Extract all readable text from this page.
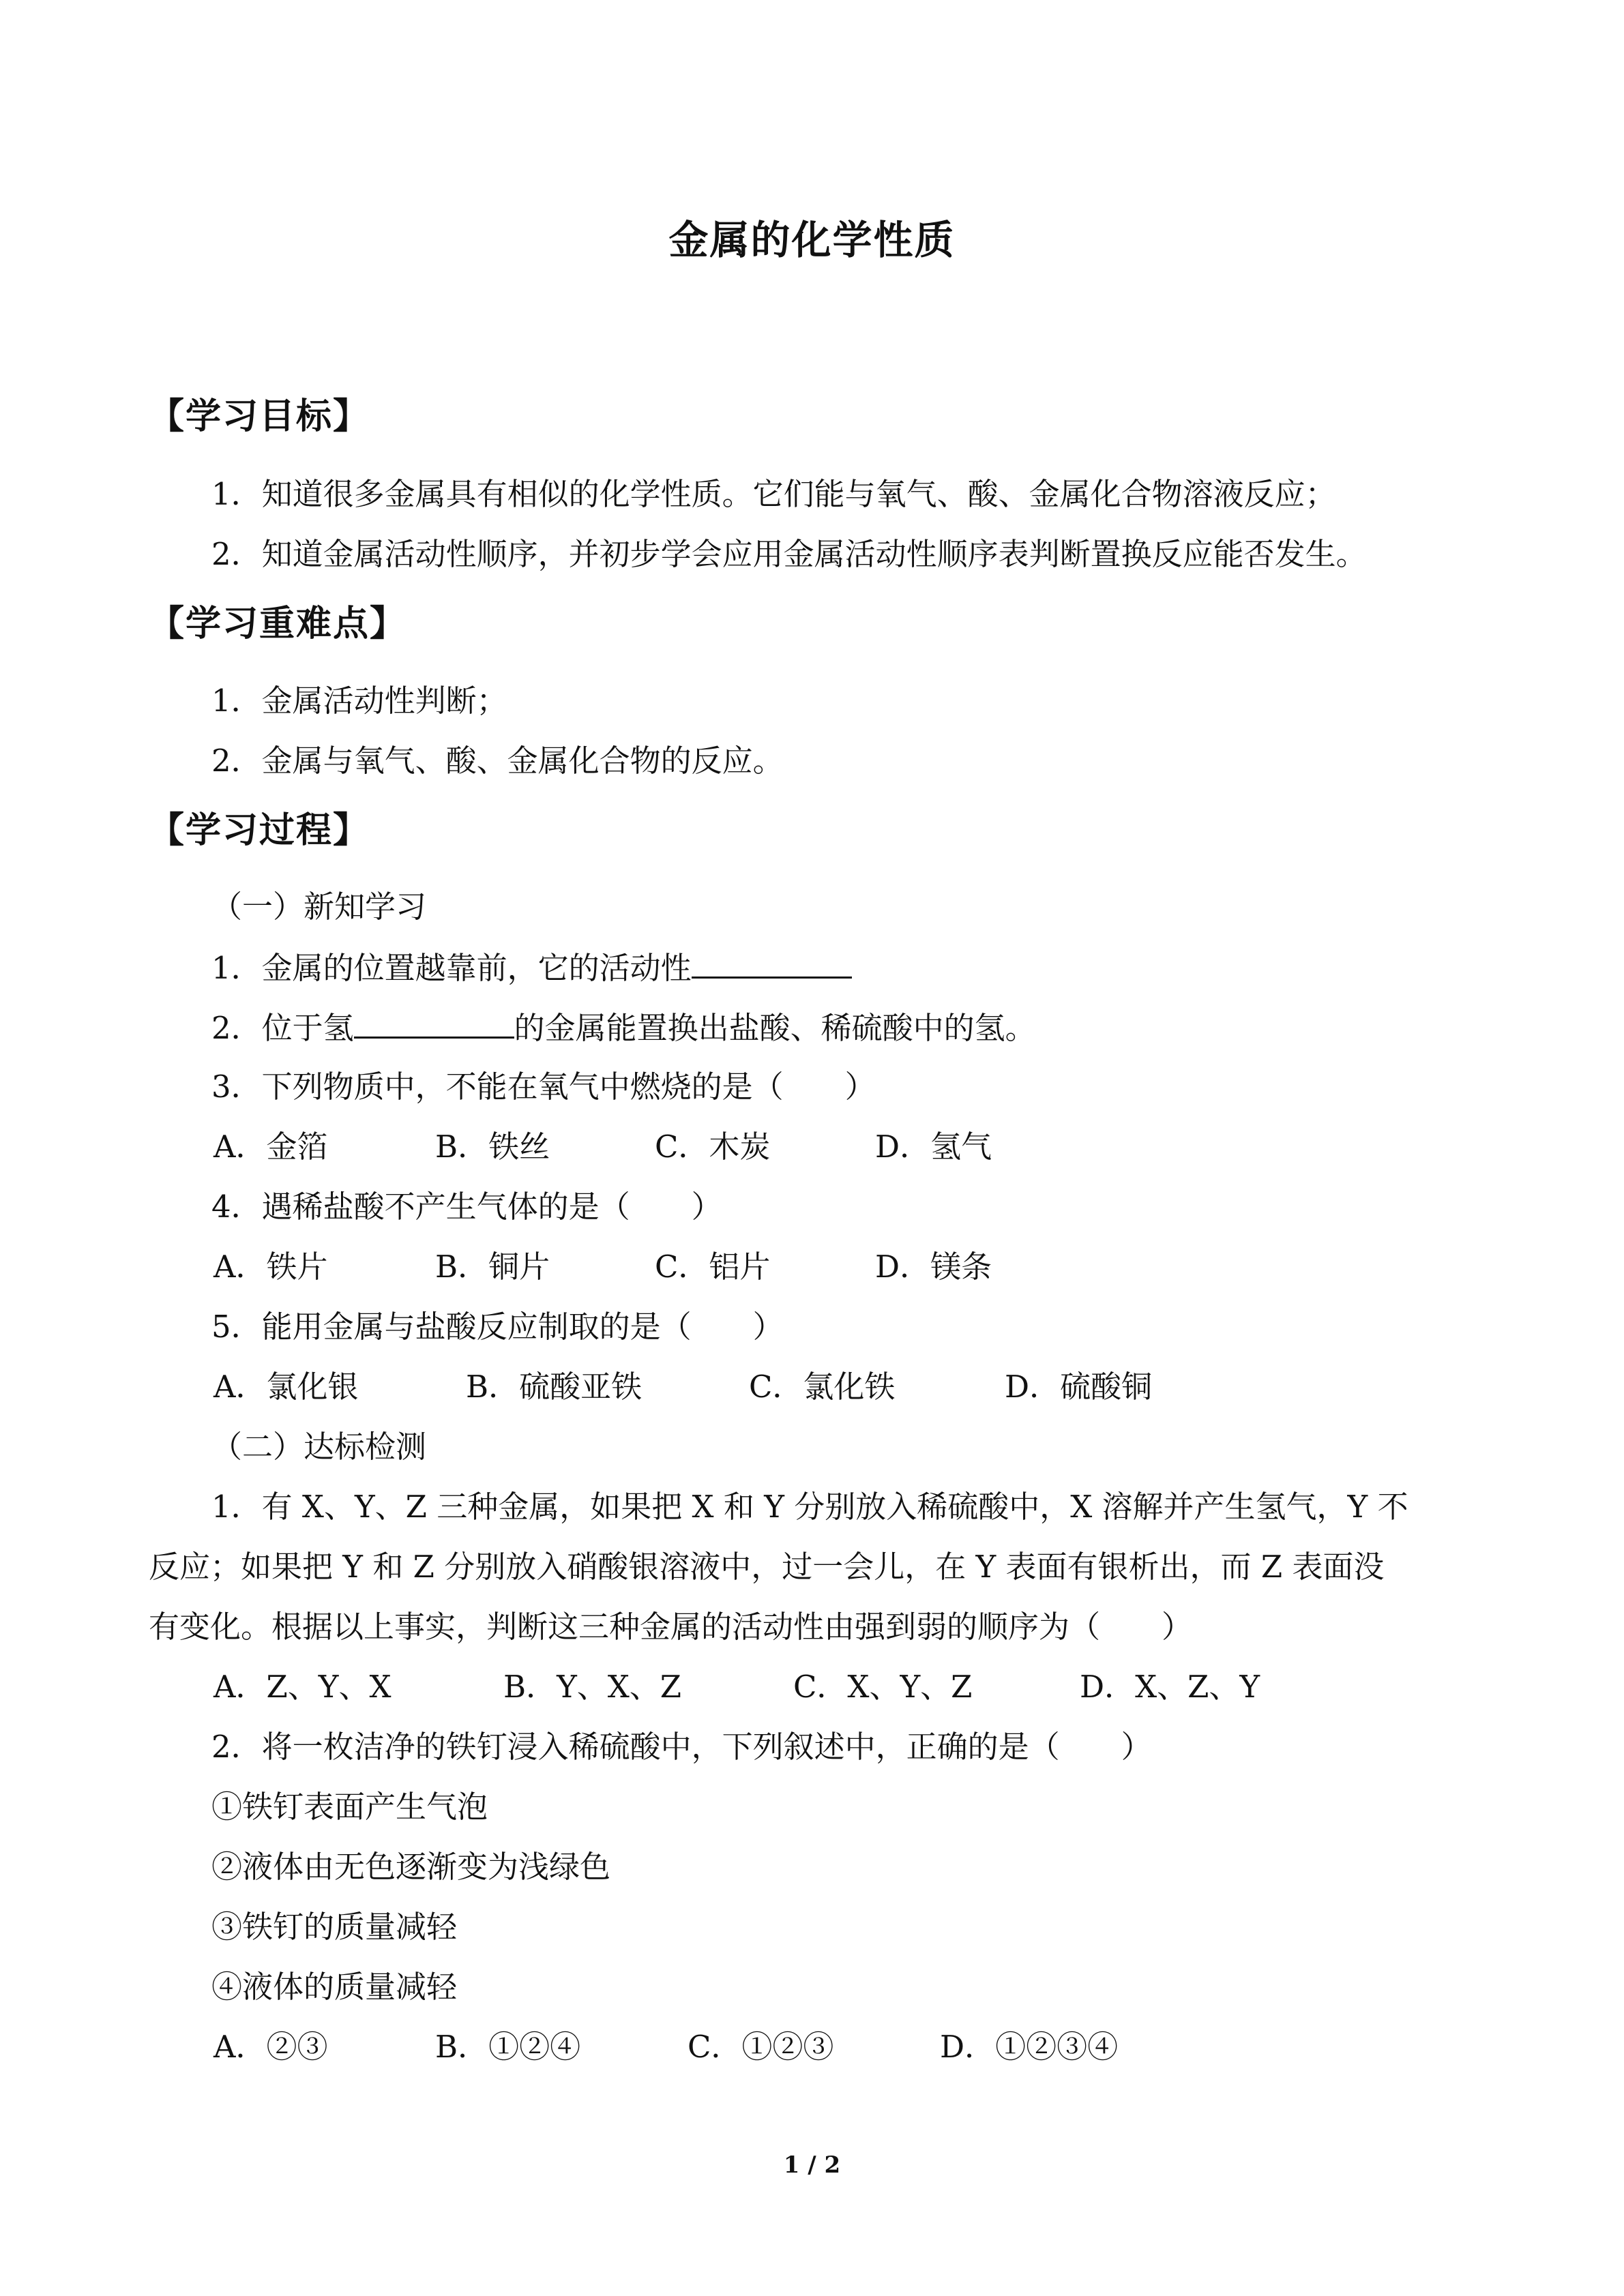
金属的化学性质
【学习目标】
1．知道很多金属具有相似的化学性质。它们能与氧气、酸、金属化合物溶液反应；
2．知道金属活动性顺序，并初步学会应用金属活动性顺序表判断置换反应能否发生。
【学习重难点】
1．金属活动性判断；
2．金属与氧气、酸、金属化合物的反应。
【学习过程】
（一）新知学习
1．金属的位置越靠前，它的活动性
2．位于氢	的金属能置换出盐酸、稀硫酸中的氢。
3．下列物质中，不能在氧气中燃烧的是（　　）
A．金箔	B．铁丝	C．木炭	D．氢气
4．遇稀盐酸不产生气体的是（　　）
A．铁片	B．铜片	C．铝片	D．镁条
5．能用金属与盐酸反应制取的是（　　）
A．氯化银	B．硫酸亚铁	C．氯化铁	D．硫酸铜
（二）达标检测
1．有 X、Y、Z 三种金属，如果把 X 和 Y 分别放入稀硫酸中，X 溶解并产生氢气，Y 不
反应；如果把 Y 和 Z 分别放入硝酸银溶液中，过一会儿，在 Y 表面有银析出，而 Z 表面没
有变化。根据以上事实，判断这三种金属的活动性由强到弱的顺序为（　　）
A．Z、Y、X	B．Y、X、Z	C．X、Y、Z	D．X、Z、Y
2．将一枚洁净的铁钉浸入稀硫酸中，下列叙述中，正确的是（　　）
①铁钉表面产生气泡
②液体由无色逐渐变为浅绿色
③铁钉的质量减轻
④液体的质量减轻
A．②③	B．①②④	C．①②③	D．①②③④
1 / 2
